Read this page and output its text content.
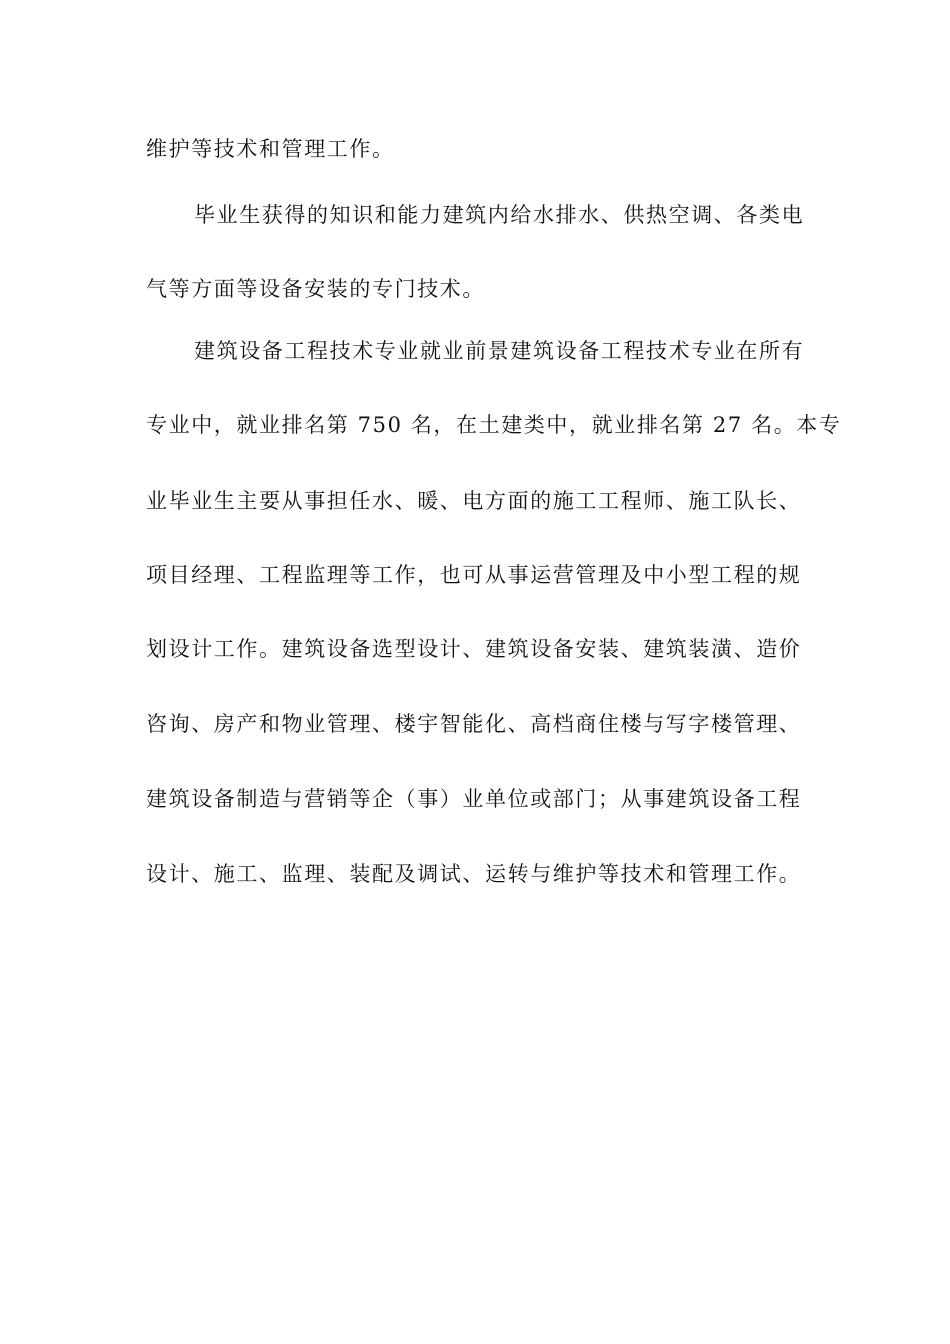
维护等技术和管理工作。
毕业生获得的知识和能力建筑内给水排水、供热空调、各类电
气等方面等设备安装的专门技术。
建筑设备工程技术专业就业前景建筑设备工程技术专业在所有
专业中，就业排名第 750 名，在土建类中，就业排名第 27 名。本专
业毕业生主要从事担任水、暖、电方面的施工工程师、施工队长、
项目经理、工程监理等工作，也可从事运营管理及中小型工程的规
划设计工作。建筑设备选型设计、建筑设备安装、建筑装潢、造价
咨询、房产和物业管理、楼宇智能化、高档商住楼与写字楼管理、
建筑设备制造与营销等企（事）业单位或部门；从事建筑设备工程
设计、施工、监理、装配及调试、运转与维护等技术和管理工作。
